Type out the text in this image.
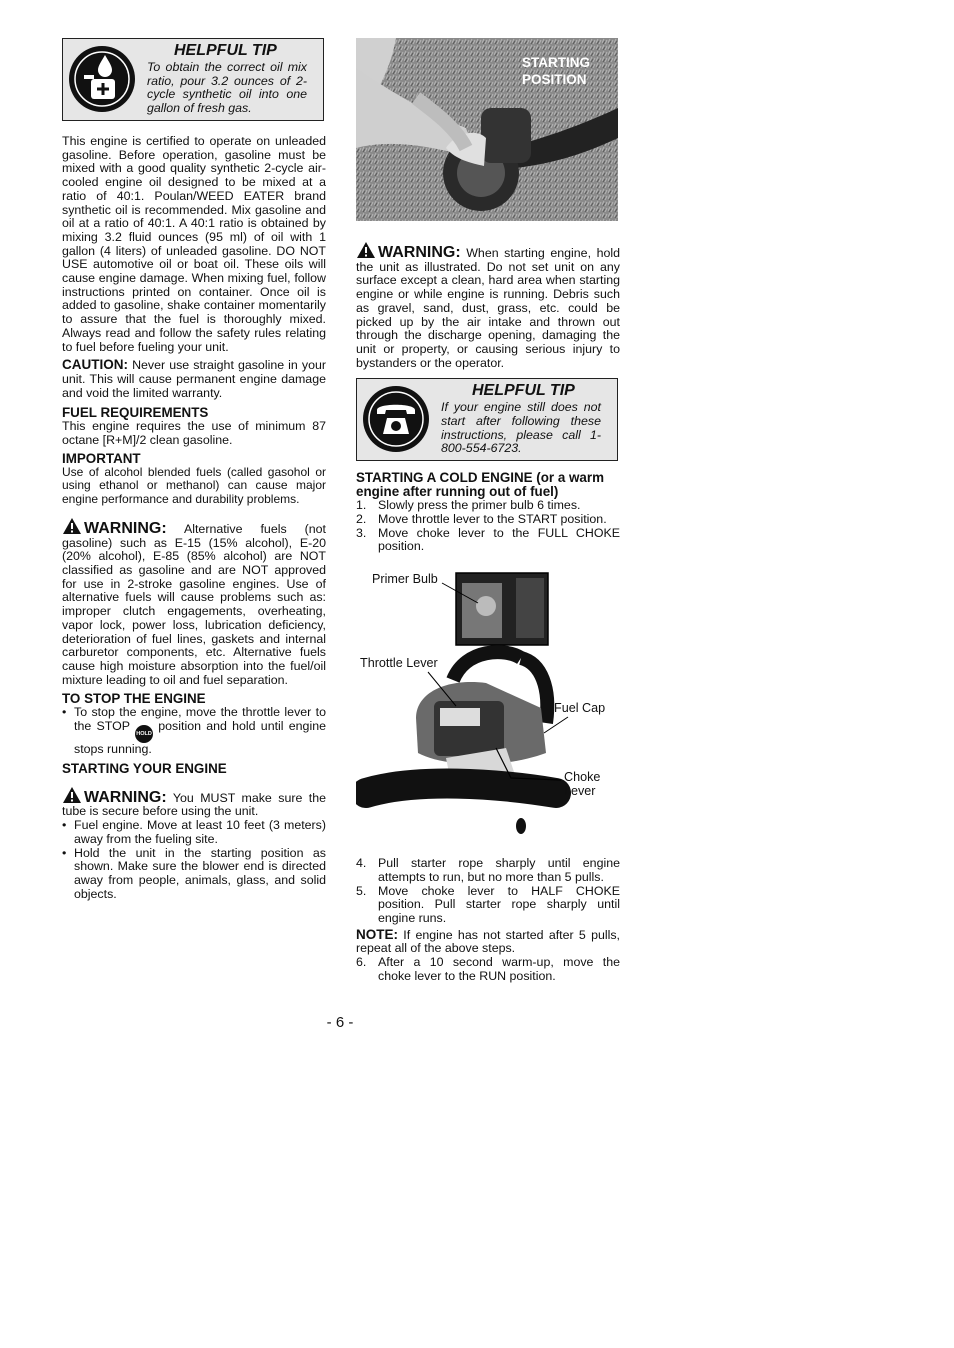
HELPFUL TIP
To obtain the correct oil mix ratio, pour 3.2 ounces of 2-cycle synthetic oil into one gallon of fresh gas.

This engine is certified to operate on unleaded gasoline. Before operation, gasoline must be mixed with a good quality synthetic 2-cycle air-cooled engine oil designed to be mixed at a ratio of 40:1. Poulan/WEED EATER brand synthetic oil is recommended. Mix gasoline and oil at a ratio of 40:1. A 40:1 ratio is obtained by mixing 3.2 fluid ounces (95 ml) of oil with 1 gallon (4 liters) of unleaded gasoline. DO NOT USE automotive oil or boat oil. These oils will cause engine damage. When mixing fuel, follow instructions printed on container. Once oil is added to gasoline, shake container momentarily to assure that the fuel is thoroughly mixed. Always read and follow the safety rules relating to fuel before fueling your unit.

CAUTION: Never use straight gasoline in your unit. This will cause permanent engine damage and void the limited warranty.

FUEL REQUIREMENTS

This engine requires the use of minimum 87 octane [R+M]/2 clean gasoline.

IMPORTANT

Use of alcohol blended fuels (called gasohol or using ethanol or methanol) can cause major engine performance and durability problems.

WARNING: Alternative fuels (not gasoline) such as E-15 (15% alcohol), E-20 (20% alcohol), E-85 (85% alcohol) are NOT classified as gasoline and are NOT approved for use in 2-stroke gasoline engines. Use of alternative fuels will cause problems such as: improper clutch engagements, overheating, vapor lock, power loss, lubrication deficiency, deterioration of fuel lines, gaskets and internal carburetor components, etc. Alternative fuels cause high moisture absorption into the fuel/oil mixture leading to oil and fuel separation.

TO STOP THE ENGINE
• To stop the engine, move the throttle lever to the STOP HOLD position and hold until engine stops running.
STARTING YOUR ENGINE

WARNING: You MUST make sure the tube is secure before using the unit.

• Fuel engine. Move at least 10 feet (3 meters) away from the fueling site.
• Hold the unit in the starting position as shown. Make sure the blower end is directed away from people, animals, glass, and solid objects.
STARTING
POSITION

WARNING: When starting engine, hold the unit as illustrated. Do not set unit on any surface except a clean, hard area when starting engine or while engine is running. Debris such as gravel, sand, dust, grass, etc. could be picked up by the air intake and thrown out through the discharge opening, damaging the unit or property, or causing serious injury to bystanders or the operator.

HELPFUL TIP
If your engine still does not start after following these instructions, please call 1-800-554-6723.
STARTING A COLD ENGINE (or a warm engine after running out of fuel)
1. Slowly press the primer bulb 6 times.
2. Move throttle lever to the START position.
3. Move choke lever to the FULL CHOKE position.
Primer Bulb
Throttle Lever
Fuel Cap
Choke
Lever
4. Pull starter rope sharply until engine attempts to run, but no more than 5 pulls.
5. Move choke lever to HALF CHOKE position. Pull starter rope sharply until engine runs.

NOTE: If engine has not started after 5 pulls, repeat all of the above steps.

6. After a 10 second warm-up, move the choke lever to the RUN position.
- 6 -
